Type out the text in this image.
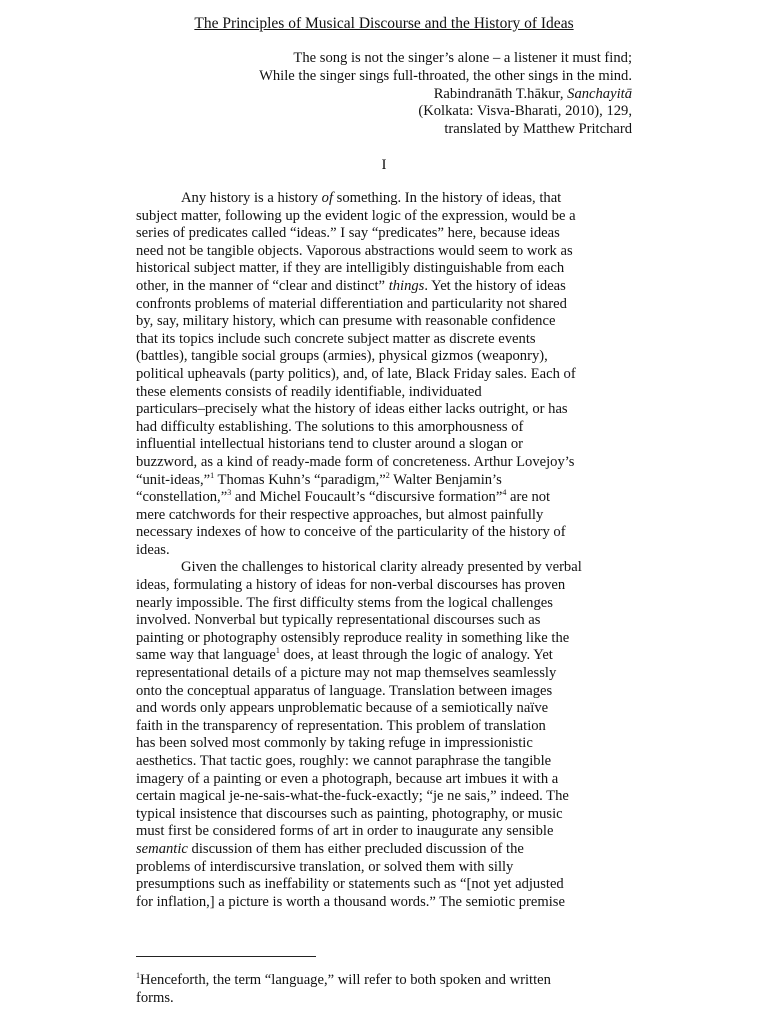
The Principles of Musical Discourse and the History of Ideas
The song is not the singer’s alone – a listener it must find;
While the singer sings full-throated, the other sings in the mind.
Rabindranāth T.hākur, Sanchayitā
(Kolkata: Visva-Bharati, 2010), 129,
translated by Matthew Pritchard
I
Any history is a history of something. In the history of ideas, that
subject matter, following up the evident logic of the expression, would be a
series of predicates called “ideas.” I say “predicates” here, because ideas
need not be tangible objects. Vaporous abstractions would seem to work as
historical subject matter, if they are intelligibly distinguishable from each
other, in the manner of “clear and distinct” things. Yet the history of ideas
confronts problems of material differentiation and particularity not shared
by, say, military history, which can presume with reasonable confidence
that its topics include such concrete subject matter as discrete events
(battles), tangible social groups (armies), physical gizmos (weaponry),
political upheavals (party politics), and, of late, Black Friday sales. Each of
these elements consists of readily identifiable, individuated
particulars–precisely what the history of ideas either lacks outright, or has
had difficulty establishing. The solutions to this amorphousness of
influential intellectual historians tend to cluster around a slogan or
buzzword, as a kind of ready-made form of concreteness. Arthur Lovejoy’s
“unit-ideas,”$^1$ Thomas Kuhn’s “paradigm,”$^2$ Walter Benjamin’s
“constellation,”$^3$ and Michel Foucault’s “discursive formation”$^4$ are not
mere catchwords for their respective approaches, but almost painfully
necessary indexes of how to conceive of the particularity of the history of
ideas.
Given the challenges to historical clarity already presented by verbal
ideas, formulating a history of ideas for non-verbal discourses has proven
nearly impossible. The first difficulty stems from the logical challenges
involved. Nonverbal but typically representational discourses such as
painting or photography ostensibly reproduce reality in something like the
same way that language$^1$ does, at least through the logic of analogy. Yet
representational details of a picture may not map themselves seamlessly
onto the conceptual apparatus of language. Translation between images
and words only appears unproblematic because of a semiotically naïve
faith in the transparency of representation. This problem of translation
has been solved most commonly by taking refuge in impressionistic
aesthetics. That tactic goes, roughly: we cannot paraphrase the tangible
imagery of a painting or even a photograph, because art imbues it with a
certain magical je-ne-sais-what-the-fuck-exactly; “je ne sais,” indeed. The
typical insistence that discourses such as painting, photography, or music
must first be considered forms of art in order to inaugurate any sensible
semantic discussion of them has either precluded discussion of the
problems of interdiscursive translation, or solved them with silly
presumptions such as ineffability or statements such as “[not yet adjusted
for inflation,] a picture is worth a thousand words.” The semiotic premise
$^1$Henceforth, the term “language,” will refer to both spoken and written
forms.
